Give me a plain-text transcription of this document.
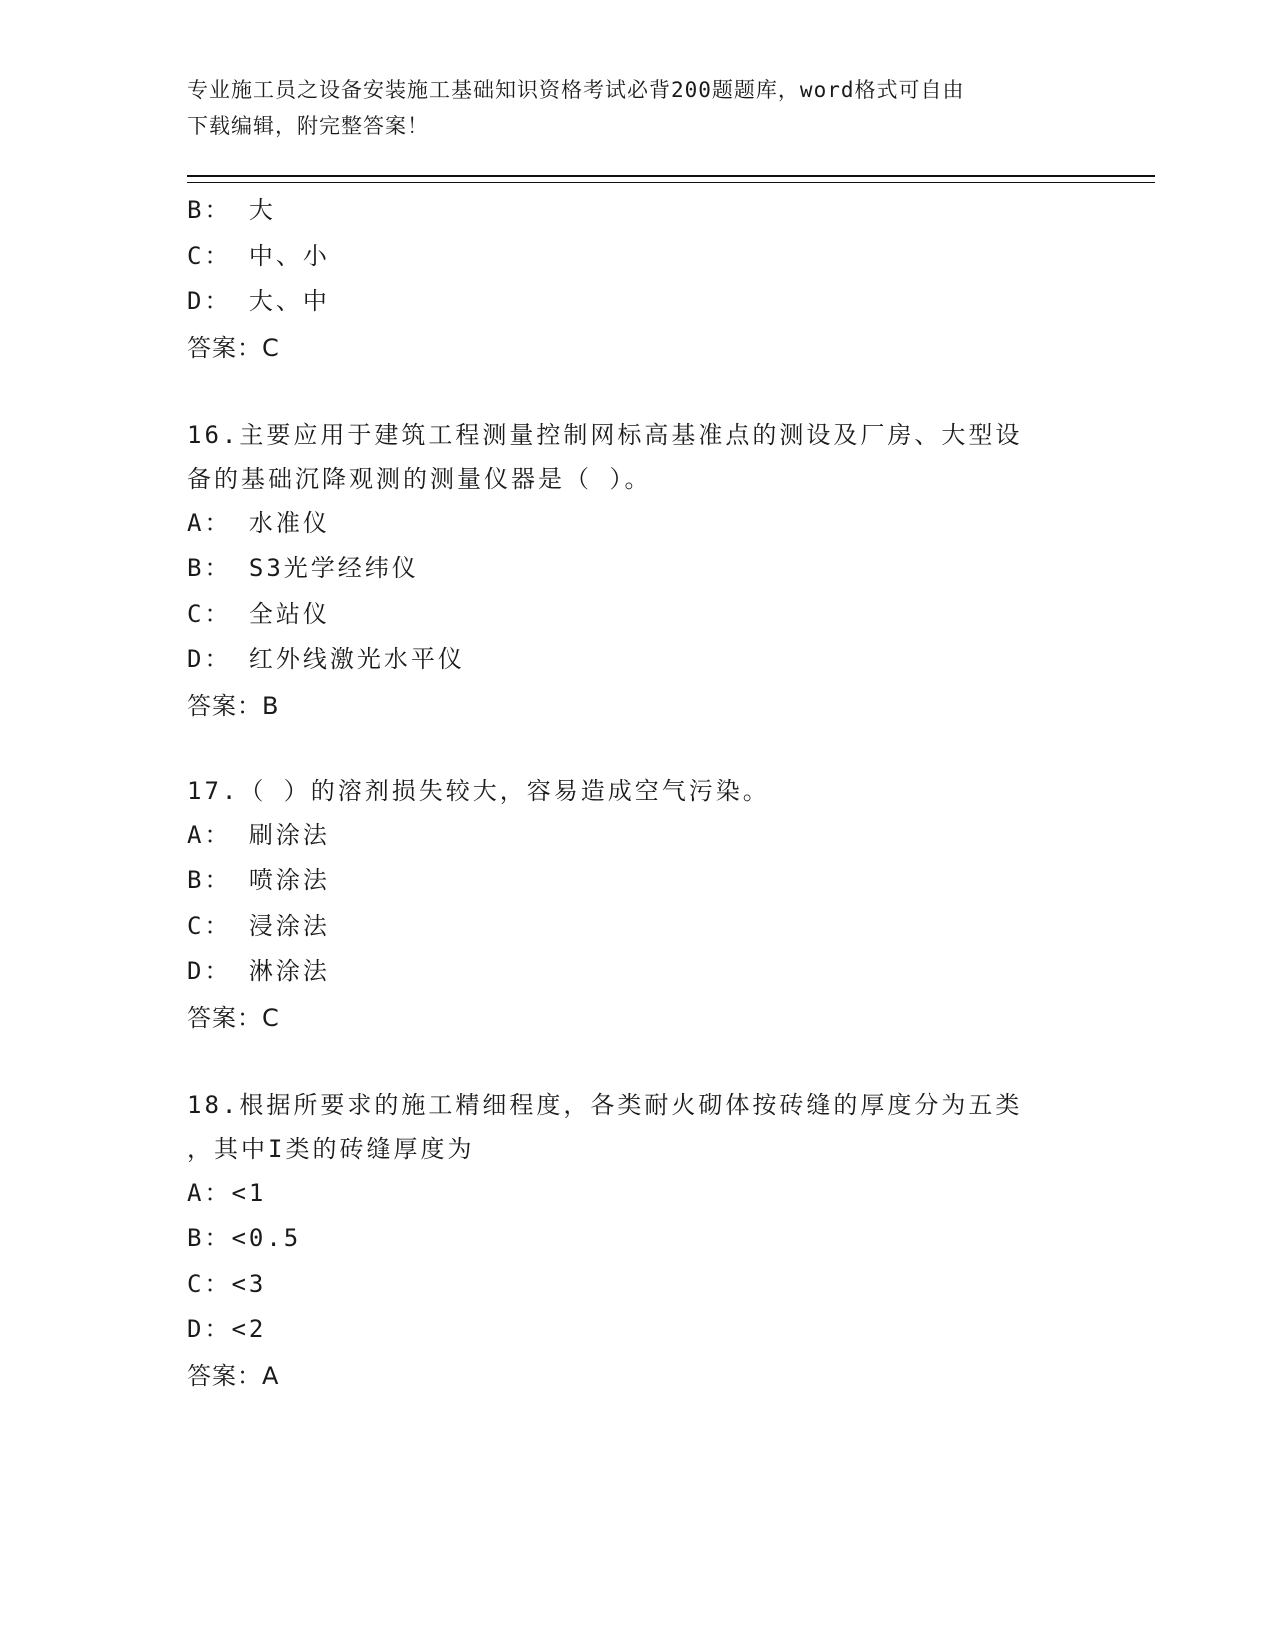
专业施工员之设备安装施工基础知识资格考试必背200题题库，word格式可自由
下载编辑，附完整答案！
B： 大
C： 中、小
D： 大、中
答案：C
16.主要应用于建筑工程测量控制网标高基准点的测设及厂房、大型设
备的基础沉降观测的测量仪器是（ ）。
A： 水准仪
B： S3光学经纬仪
C： 全站仪
D： 红外线激光水平仪
答案：B
17.（ ）的溶剂损失较大，容易造成空气污染。
A： 刷涂法
B： 喷涂法
C： 浸涂法
D： 淋涂法
答案：C
18.根据所要求的施工精细程度，各类耐火砌体按砖缝的厚度分为五类
，其中I类的砖缝厚度为
A：<1
B：<0.5
C：<3
D：<2
答案：A
